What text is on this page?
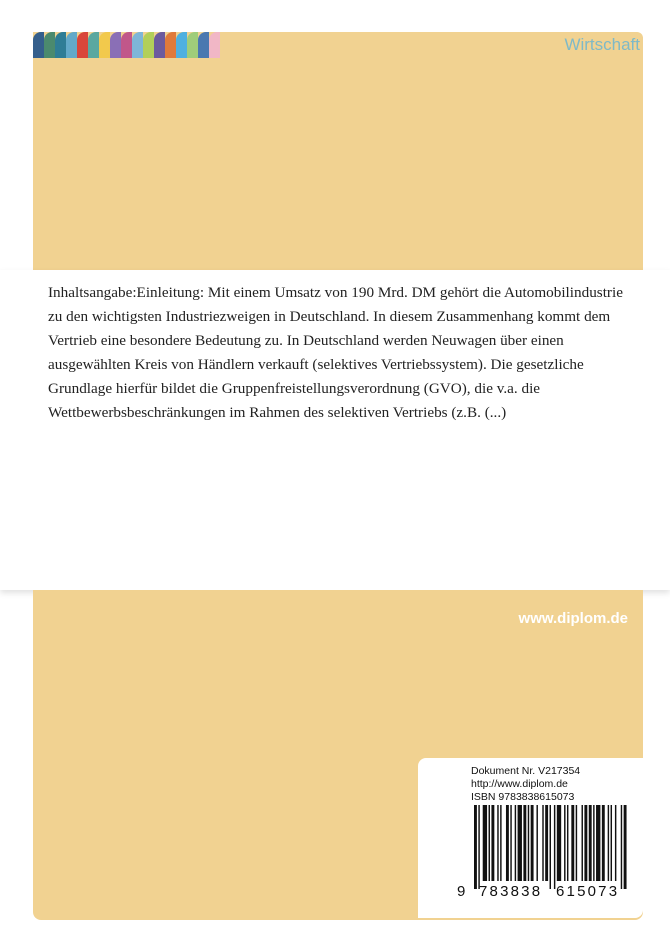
Wirtschaft

Inhaltsangabe:Einleitung: Mit einem Umsatz von 190 Mrd. DM gehört die Automobilindustrie zu den wichtigsten Industriezweigen in Deutschland. In diesem Zusammenhang kommt dem Vertrieb eine besondere Bedeutung zu. In Deutschland werden Neuwagen über einen ausgewählten Kreis von Händlern verkauft (selektives Vertriebssystem). Die gesetzliche Grundlage hierfür bildet die Gruppenfreistellungsverordnung (GVO), die v.a. die Wettbewerbsbeschränkungen im Rahmen des selektiven Vertriebs (z.B. (...)

www.diplom.de
Dokument Nr. V217354
http://www.diplom.de
ISBN 9783838615073
9 783838 615073
